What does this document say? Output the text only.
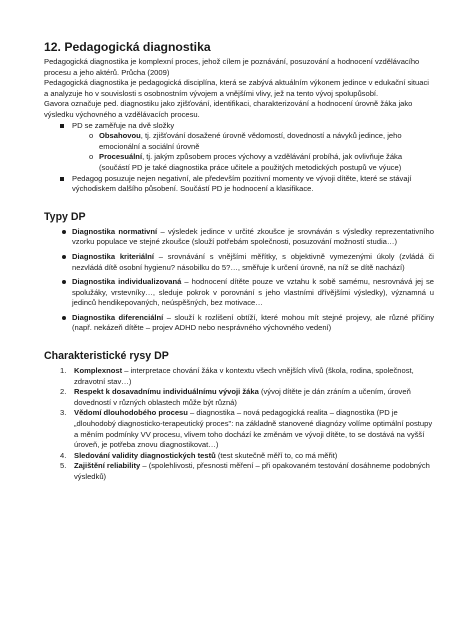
12. Pedagogická diagnostika

Pedagogická diagnostika je komplexní proces, jehož cílem je poznávání, posuzování a hodnocení vzdělávacího procesu a jeho aktérů. Průcha (2009)

Pedagogická diagnostika je pedagogická disciplína, která se zabývá aktuálním výkonem jedince v edukační situaci a analyzuje ho v souvislosti s osobnostním vývojem a vnějšími vlivy, jež na tento vývoj spolupůsobí.

Gavora označuje ped. diagnostiku jako zjišťování, identifikaci, charakterizování a hodnocení úrovně žáka jako výsledku výchovného a vzdělávacích procesu.

PD se zaměřuje na dvě složky
o Obsahovou, tj. zjišťování dosažené úrovně vědomostí, dovedností a návyků jedince, jeho emocionální a sociální úrovně
o Procesuální, tj. jakým způsobem proces výchovy a vzdělávání probíhá, jak ovlivňuje žáka (součástí PD je také diagnostika práce učitele a použitých metodických postupů ve výuce)
Pedagog posuzuje nejen negativní, ale především pozitivní momenty ve vývoji dítěte, které se stávají východiskem dalšího působení. Součástí PD je hodnocení a klasifikace.
Typy DP
Diagnostika normativní – výsledek jedince v určité zkoušce je srovnáván s výsledky reprezentativního vzorku populace ve stejné zkoušce (slouží potřebám společnosti, posuzování možností studia…)
Diagnostika kriteriální – srovnávání s vnějšími měřítky, s objektivně vymezenými úkoly (zvládá či nezvládá dítě osobní hygienu? násobilku do 5?…, směřuje k určení úrovně, na níž se dítě nachází)
Diagnostika individualizovaná – hodnocení dítěte pouze ve vztahu k sobě samému, nesrovnává jej se spolužáky, vrstevníky…, sleduje pokrok v porovnání s jeho vlastními dřívějšími výsledky), významná u jedinců hendikepovaných, neúspěšných, bez motivace…
Diagnostika diferenciální – slouží k rozlišení obtíží, které mohou mít stejné projevy, ale různé příčiny (např. nekázeň dítěte – projev ADHD nebo nesprávného výchovného vedení)
Charakteristické rysy DP
1. Komplexnost – interpretace chování žáka v kontextu všech vnějších vlivů (škola, rodina, společnost, zdravotní stav…)
2. Respekt k dosavadnímu individuálnímu vývoji žáka (vývoj dítěte je dán zráním a učením, úroveň dovedností v různých oblastech může být různá)
3. Vědomí dlouhodobého procesu – diagnostika – nová pedagogická realita – diagnostika (PD je „dlouhodobý diagnosticko-terapeutický proces": na základně stanovené diagnózy volíme optimální postupy a měním podmínky VV procesu, vlivem toho dochází ke změnám ve vývoji dítěte, to se dostává na vyšší úroveň, je potřeba znovu diagnostikovat…)
4. Sledování validity diagnostických testů (test skutečně měří to, co má měřit)
5. Zajištění reliability – (spolehlivosti, přesnosti měření – při opakovaném testování dosáhneme podobných výsledků)
